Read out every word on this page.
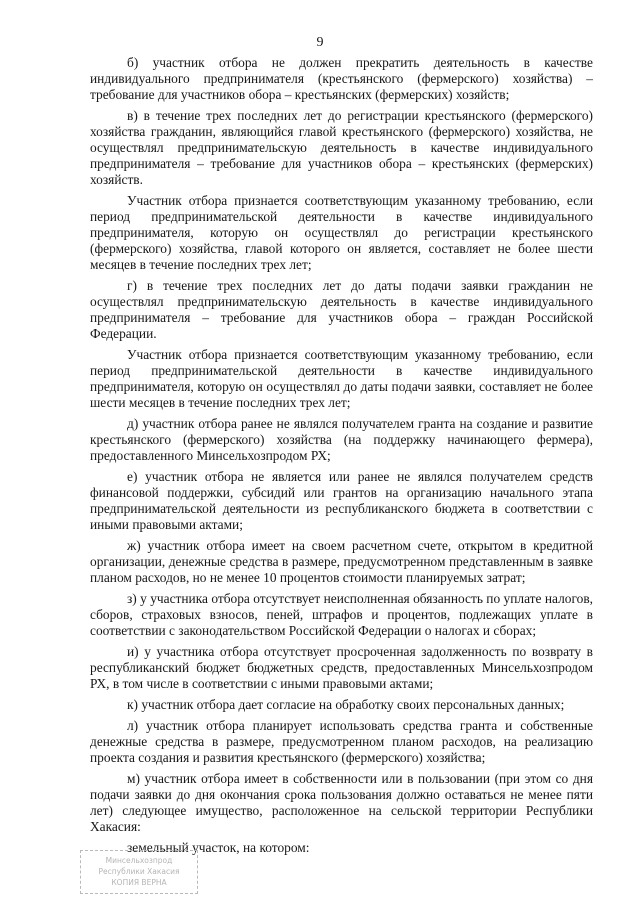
9

б) участник отбора не должен прекратить деятельность в качестве индивидуального предпринимателя (крестьянского (фермерского) хозяйства) – требование для участников обора – крестьянских (фермерских) хозяйств;

в) в течение трех последних лет до регистрации крестьянского (фермерского) хозяйства гражданин, являющийся главой крестьянского (фермерского) хозяйства, не осуществлял предпринимательскую деятельность в качестве индивидуального предпринимателя – требование для участников обора – крестьянских (фермерских) хозяйств.

Участник отбора признается соответствующим указанному требованию, если период предпринимательской деятельности в качестве индивидуального предпринимателя, которую он осуществлял до регистрации крестьянского (фермерского) хозяйства, главой которого он является, составляет не более шести месяцев в течение последних трех лет;

г) в течение трех последних лет до даты подачи заявки гражданин не осуществлял предпринимательскую деятельность в качестве индивидуального предпринимателя – требование для участников обора – граждан Российской Федерации.

Участник отбора признается соответствующим указанному требованию, если период предпринимательской деятельности в качестве индивидуального предпринимателя, которую он осуществлял до даты подачи заявки, составляет не более шести месяцев в течение последних трех лет;

д) участник отбора ранее не являлся получателем гранта на создание и развитие крестьянского (фермерского) хозяйства (на поддержку начинающего фермера), предоставленного Минсельхозпродом РХ;

е) участник отбора не является или ранее не являлся получателем средств финансовой поддержки, субсидий или грантов на организацию начального этапа предпринимательской деятельности из республиканского бюджета в соответствии с иными правовыми актами;

ж) участник отбора имеет на своем расчетном счете, открытом в кредитной организации, денежные средства в размере, предусмотренном представленным в заявке планом расходов, но не менее 10 процентов стоимости планируемых затрат;

з) у участника отбора отсутствует неисполненная обязанность по уплате налогов, сборов, страховых взносов, пеней, штрафов и процентов, подлежащих уплате в соответствии с законодательством Российской Федерации о налогах и сборах;

и) у участника отбора отсутствует просроченная задолженность по возврату в республиканский бюджет бюджетных средств, предоставленных Минсельхозпродом РХ, в том числе в соответствии с иными правовыми актами;

к) участник отбора дает согласие на обработку своих персональных данных;

л) участник отбора планирует использовать средства гранта и собственные денежные средства в размере, предусмотренном планом расходов, на реализацию проекта создания и развития крестьянского (фермерского) хозяйства;

м) участник отбора имеет в собственности или в пользовании (при этом со дня подачи заявки до дня окончания срока пользования должно оставаться не менее пяти лет) следующее имущество, расположенное на сельской территории Республики Хакасия:

земельный участок, на котором:

Минсельхозпрод
Республики Хакасия
КОПИЯ ВЕРНА
